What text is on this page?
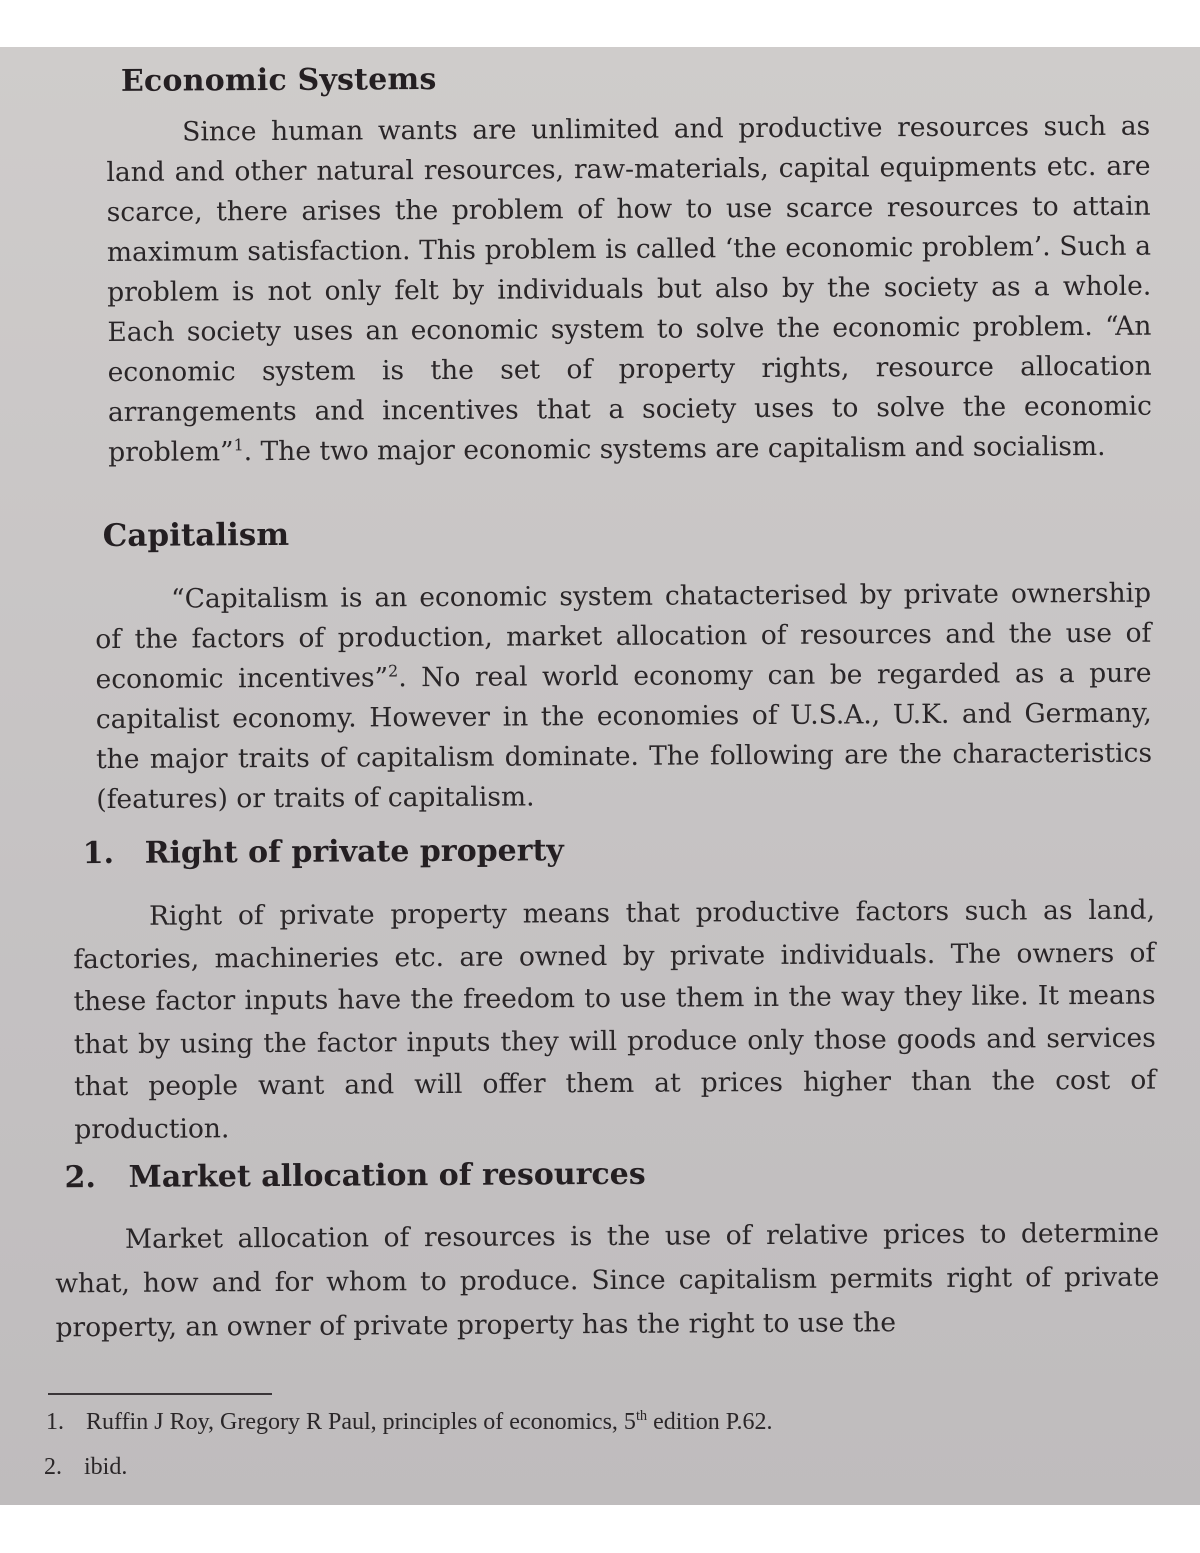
Economic Systems

Since human wants are unlimited and productive resources such as land and other natural resources, raw-materials, capital equipments etc. are scarce, there arises the problem of how to use scarce resources to attain maximum satisfaction. This problem is called ‘the economic problem’. Such a problem is not only felt by individuals but also by the society as a whole. Each society uses an economic system to solve the economic problem. “An economic system is the set of property rights, resource allocation arrangements and incentives that a society uses to solve the economic problem”$^1$. The two major economic systems are capitalism and socialism.

Capitalism

“Capitalism is an economic system chatacterised by private ownership of the factors of production, market allocation of resources and the use of economic incentives”$^2$. No real world economy can be regarded as a pure capitalist economy. However in the economies of U.S.A., U.K. and Germany, the major traits of capitalism dominate. The following are the characteristics (features) or traits of capitalism.

1. Right of private property

Right of private property means that productive factors such as land, factories, machineries etc. are owned by private individuals. The owners of these factor inputs have the freedom to use them in the way they like. It means that by using the factor inputs they will produce only those goods and services that people want and will offer them at prices higher than the cost of production.

2. Market allocation of resources

Market allocation of resources is the use of relative prices to determine what, how and for whom to produce. Since capitalism permits right of private property, an owner of private property has the right to use the

1. Ruffin J Roy, Gregory R Paul, principles of economics, 5th edition P.62.
2. ibid.
